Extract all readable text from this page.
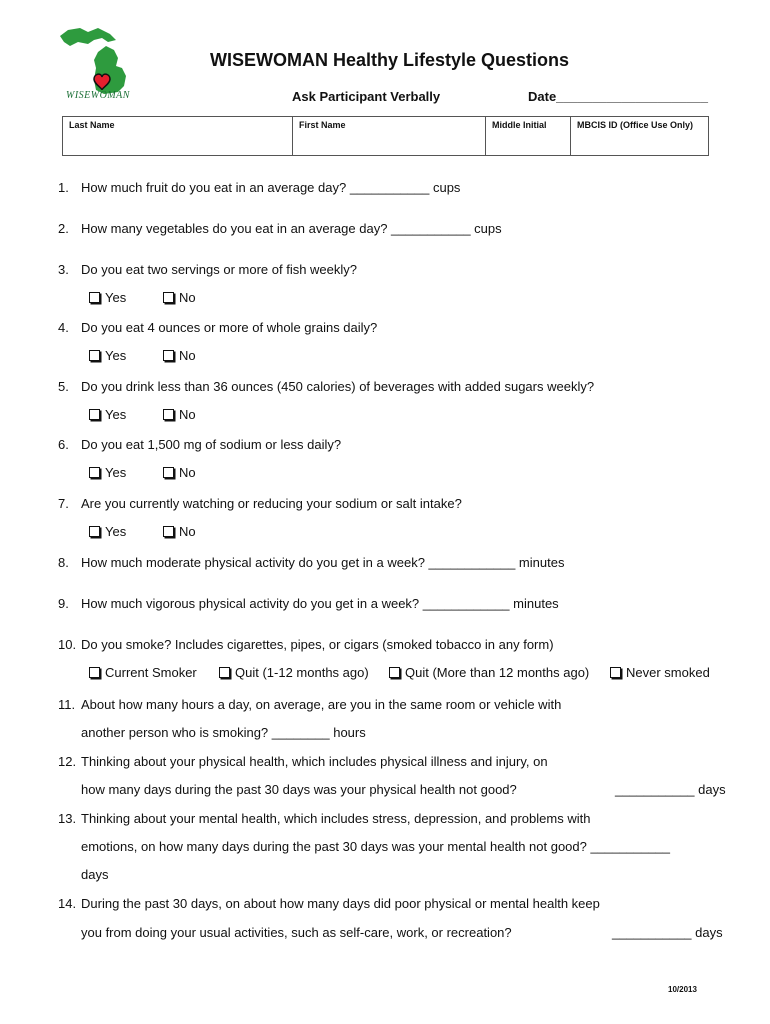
WISEWOMAN
WISEWOMAN Healthy Lifestyle Questions
Ask Participant Verbally	Date_____________________
Last Name	First Name	Middle Initial	MBCIS ID (Office Use Only)
1. How much fruit do you eat in an average day? ___________ cups
2. How many vegetables do you eat in an average day? ___________ cups
3. Do you eat two servings or more of fish weekly?
Yes	No
4. Do you eat 4 ounces or more of whole grains daily?
Yes	No
5. Do you drink less than 36 ounces (450 calories) of beverages with added sugars weekly?
Yes	No
6. Do you eat 1,500 mg of sodium or less daily?
Yes	No
7. Are you currently watching or reducing your sodium or salt intake?
Yes	No
8. How much moderate physical activity do you get in a week? ____________ minutes
9. How much vigorous physical activity do you get in a week? ____________ minutes
10. Do you smoke? Includes cigarettes, pipes, or cigars (smoked tobacco in any form)
Current Smoker	Quit (1-12 months ago)	Quit (More than 12 months ago)	Never smoked
11. About how many hours a day, on average, are you in the same room or vehicle with
another person who is smoking? ________ hours
12. Thinking about your physical health, which includes physical illness and injury, on
how many days during the past 30 days was your physical health not good?	___________ days
13. Thinking about your mental health, which includes stress, depression, and problems with
emotions, on how many days during the past 30 days was your mental health not good? ___________
days
14. During the past 30 days, on about how many days did poor physical or mental health keep
you from doing your usual activities, such as self-care, work, or recreation?	___________ days
10/2013
